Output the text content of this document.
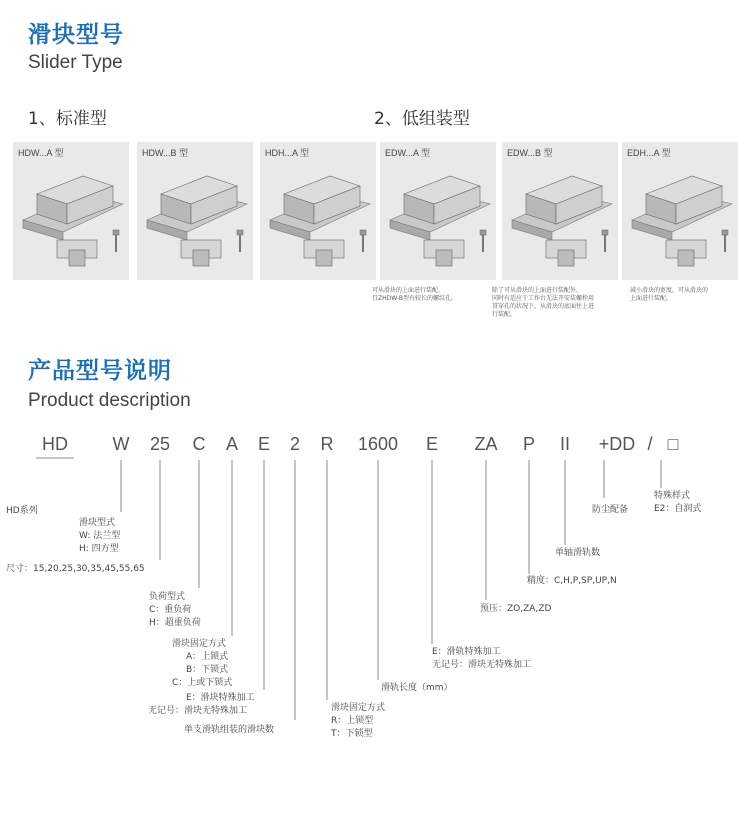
滑块型号
Slider Type
1、标准型	2、低组装型
HDW...A 型	HDW...B 型	HDH...A 型	EDW...A 型	EDW...B 型	EDH...A 型
可从滑块的上面进行装配，
且ZHDW-B型有较长的螺纹孔。
除了可从滑块的上面进行装配外，
同时有适应于工作台无法开安装螺栓用
贯穿孔的状况下，从滑块的底面往上进
行装配。
减小滑块的宽度，可从滑块的
上面进行装配。
产品型号说明
Product description
HD	W 25 C A E 2 R	1600	E ZA P	II	+DD / □
HD系列
滑块型式
W: 法兰型
H: 四方型
尺寸：15,20,25,30,35,45,55,65
负荷型式
C：重负荷
H：超重负荷
滑块固定方式
A：上锁式
B：下锁式
C：上或下锁式
E：滑块特殊加工
无记号：滑块无特殊加工
单支滑轨组装的滑块数
滑块固定方式
R：上锁型
T：下锁型
滑轨长度（mm）
E：滑轨特殊加工
无记号：滑块无特殊加工
预压：ZO,ZA,ZD
精度：C,H,P,SP,UP,N
单轴滑轨数
防尘配备
特殊样式
E2：自润式
